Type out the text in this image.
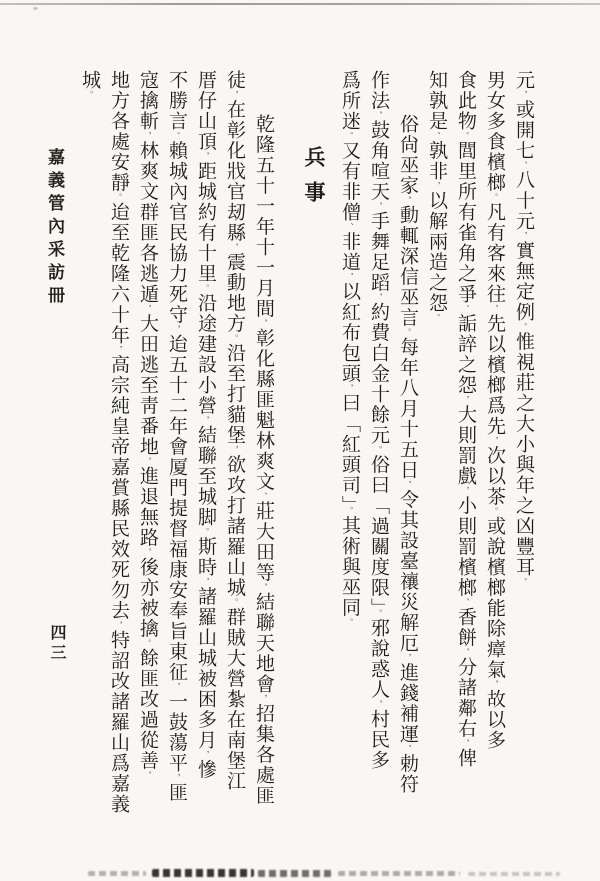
元，或開七、八十元，實無定例。惟視莊之大小與年之凶豐耳。
男女多食檳榔。凡有客來往，先以檳榔爲先，次以茶。或說檳榔能除瘴氣，故以多
食此物。閭里所有雀角之爭、詬誶之怨，大則罰戲，小則罰檳榔、香餅，分諸鄰右，俾
知孰是、孰非，以解兩造之怨。
俗尙巫家，動輒深信巫言。每年八月十五日，令其設臺禳災解厄，進錢補運，勅符
作法，鼓角喧天，手舞足蹈，約費白金十餘元。俗曰「過關度限」。邪說惑人，村民多
爲所迷。又有非僧、非道，以紅布包頭，曰「紅頭司」。其術與巫同。
兵事
乾隆五十一年十一月間，彰化縣匪魁林爽文、莊大田等，結聯天地會，招集各處匪
徒，在彰化戕官刼縣，震動地方。沿至打貓堡，欲攻打諸羅山城。群賊大營紮在南堡江
厝仔山頂，距城約有十里。沿途建設小營，結聯至城脚。斯時，諸羅山城被困多月，慘
不勝言。賴城內官民協力死守，迨五十二年會厦門提督福康安奉旨東征，一鼓蕩平，匪
寇擒斬，林爽文群匪各逃遁，大田逃至靑番地，進退無路，後亦被擒。餘匪改過從善，
地方各處安靜。迨至乾隆六十年，高宗純皇帝嘉賞縣民效死勿去，特詔改諸羅山爲嘉義
城。
嘉義管內采訪冊
四三
